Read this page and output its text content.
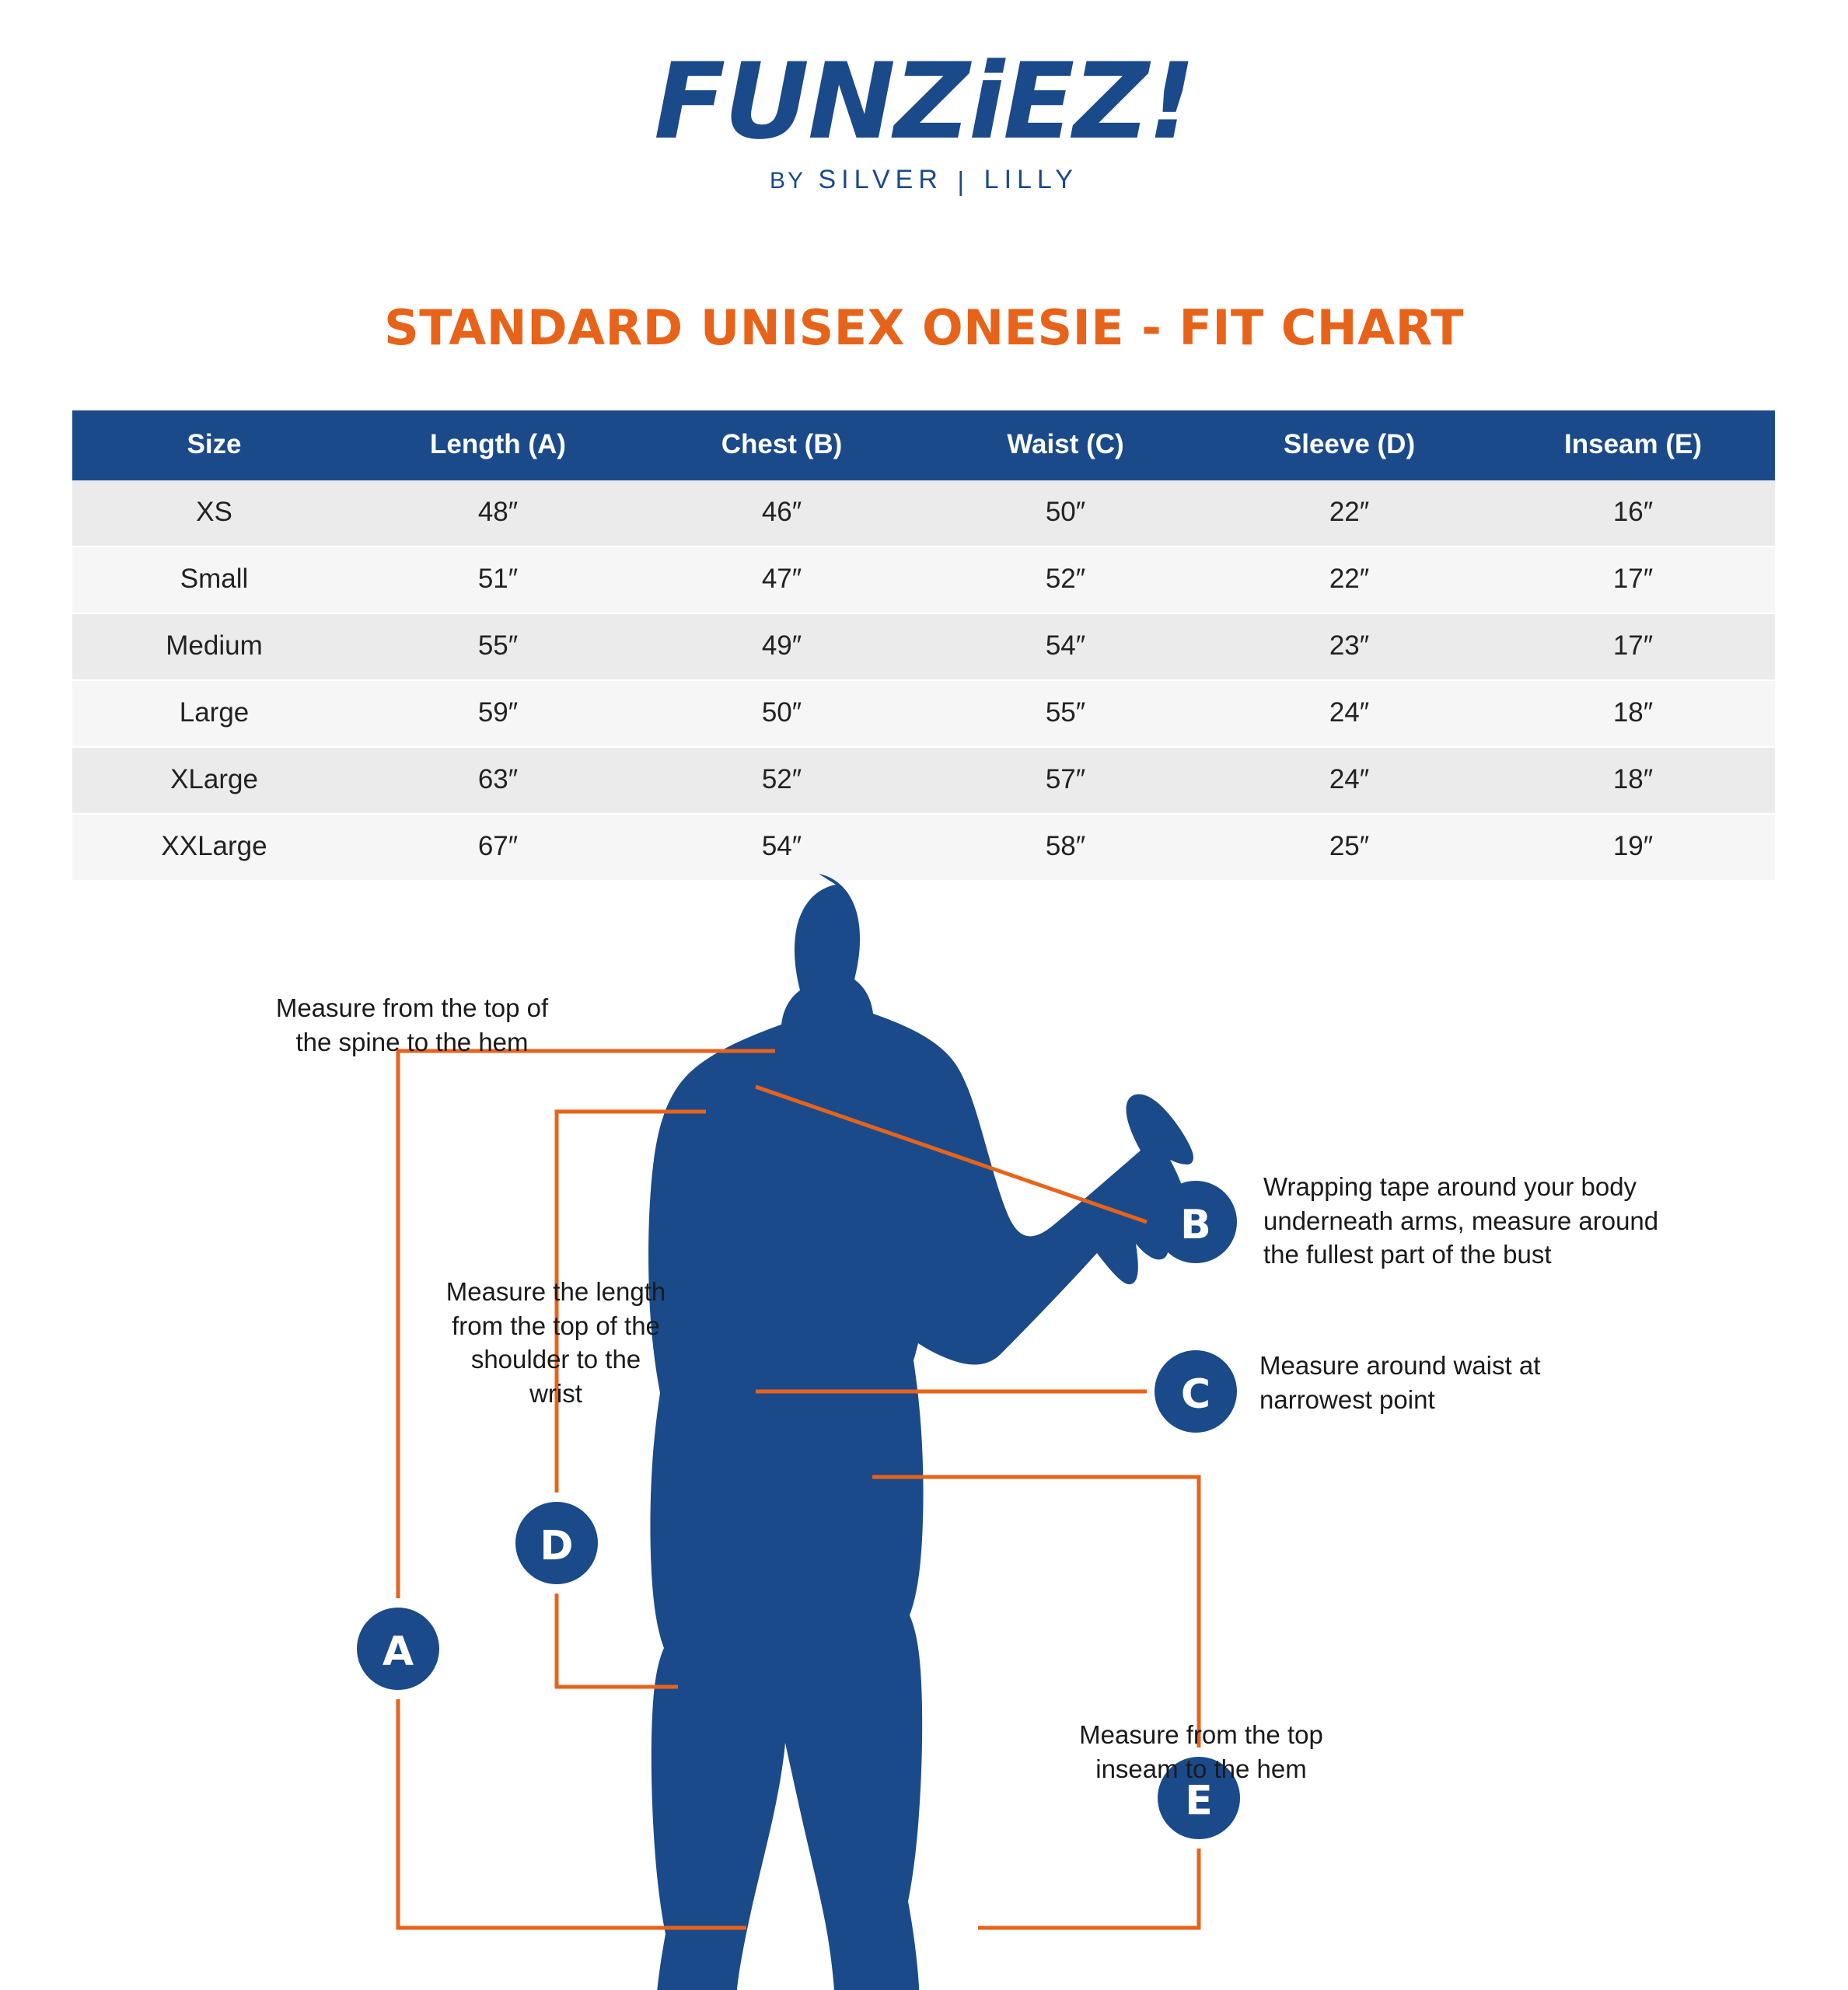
FUNZiEZ!
BY SILVER | LILLY
STANDARD UNISEX ONESIE - FIT CHART
Size	Length (A)	Chest (B)	Waist (C)	Sleeve (D)	Inseam (E)
XS	48″	46″	50″	22″	16″
Small	51″	47″	52″	22″	17″
Medium	55″	49″	54″	23″	17″
Large	59″	50″	55″	24″	18″
XLarge	63″	52″	57″	24″	18″
XXLarge	67″	54″	58″	25″	19″
A
D
B
C
E
Measure from the top of the spine to the hem
Measure the length from the top of the shoulder to the wrist
Wrapping tape around your body underneath arms, measure around the fullest part of the bust
Measure around waist at narrowest point
Measure from the top inseam to the hem
